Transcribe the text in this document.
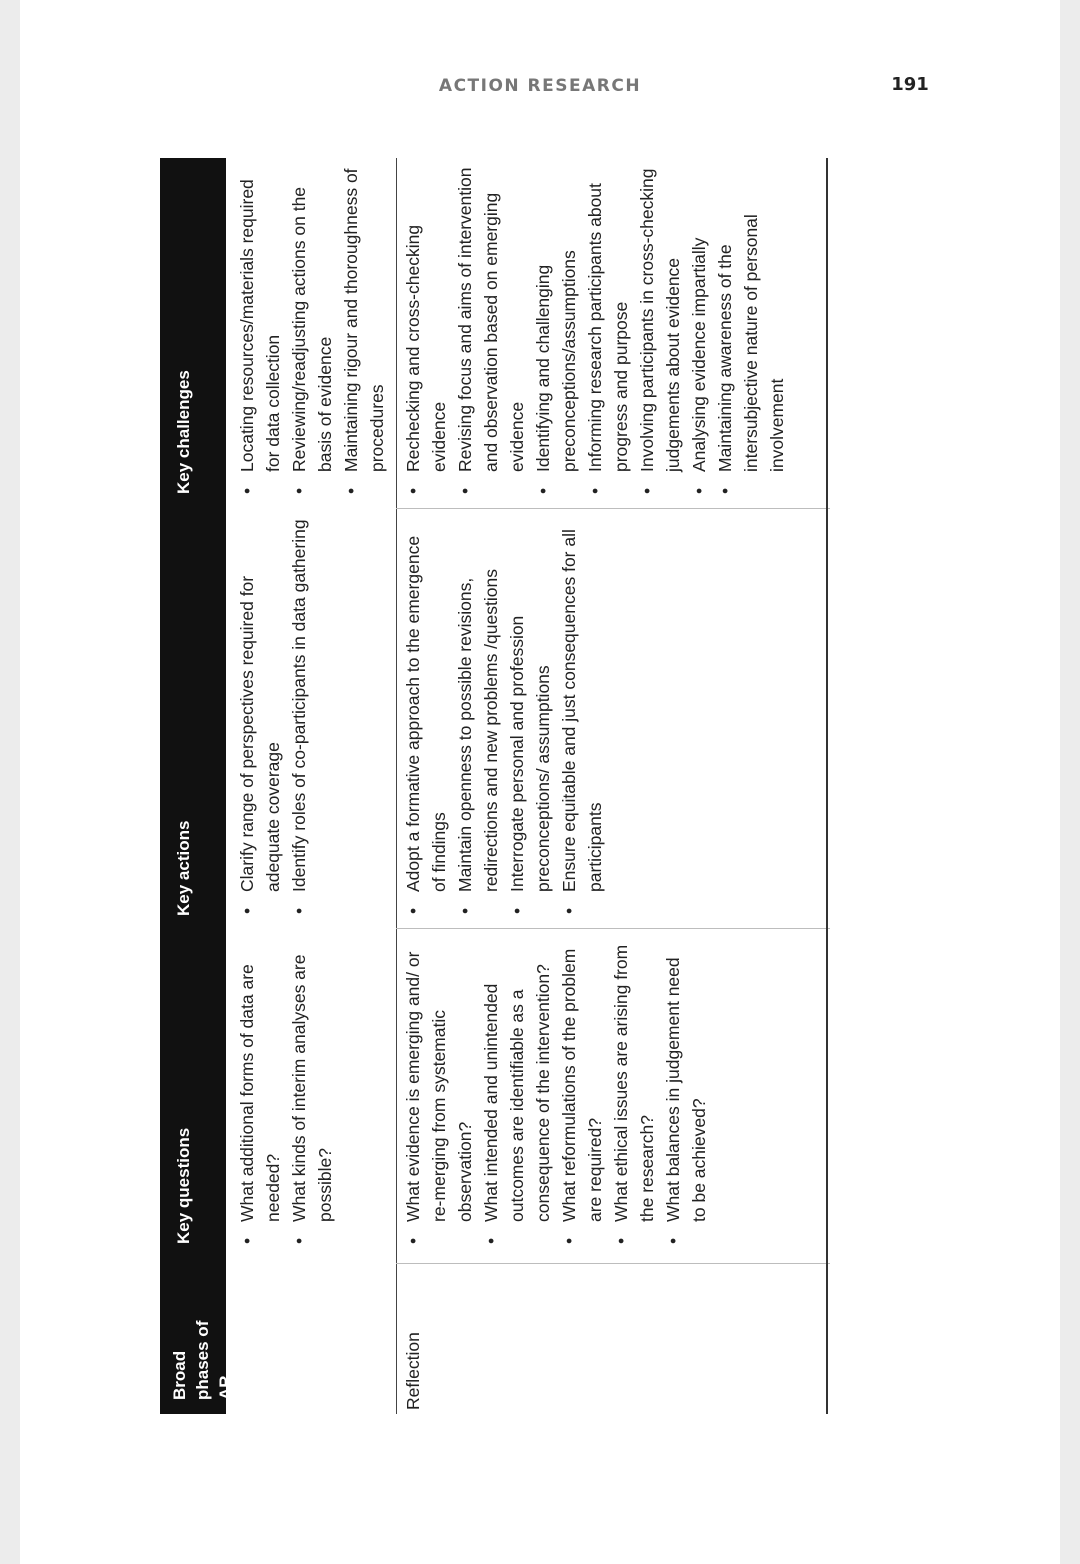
ACTION RESEARCH	191
Broad phases of AR
Key questions
Key actions
Key challenges
• What additional forms of data are needed? • What kinds of interim analyses are possible?
• Clarify range of perspectives required for adequate coverage • Identify roles of co-participants in data gathering
• Locating resources/materials required for data collection • Reviewing/readjusting actions on the basis of evidence • Maintaining rigour and thoroughness of procedures
Reflection
• What evidence is emerging and/ or re-merging from systematic observation? • What intended and unintended outcomes are identifiable as a consequence of the intervention? • What reformulations of the problem are required? • What ethical issues are arising from the research? • What balances in judgement need to be achieved?
• Adopt a formative approach to the emergence of findings • Maintain openness to possible revisions, redirections and new problems /questions • Interrogate personal and profession preconceptions/ assumptions • Ensure equitable and just consequences for all participants
• Rechecking and cross-checking evidence • Revising focus and aims of intervention and observation based on emerging evidence • Identifying and challenging preconceptions/assumptions • Informing research participants about progress and purpose • Involving participants in cross-checking judgements about evidence • Analysing evidence impartially • Maintaining awareness of the intersubjective nature of personal involvement
